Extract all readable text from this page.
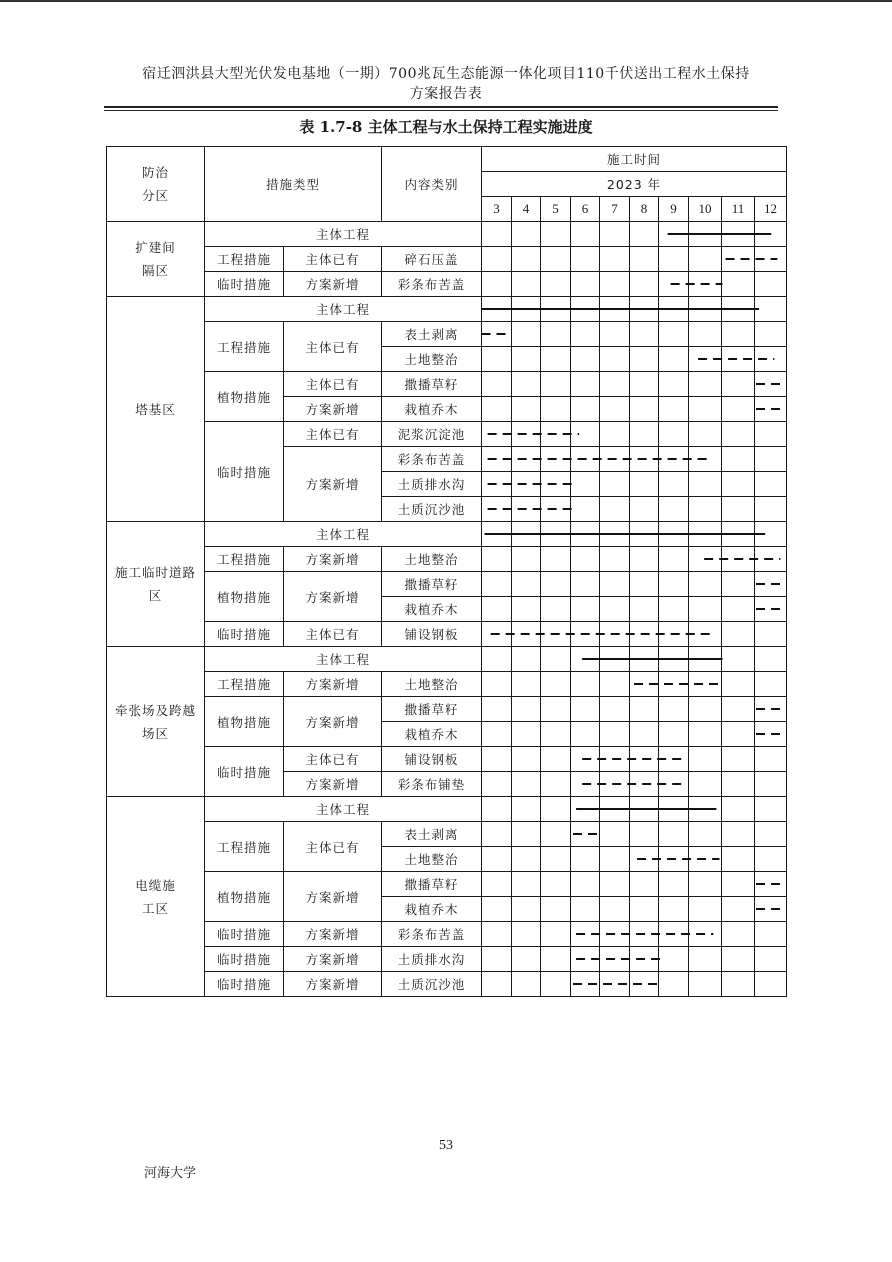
宿迁泗洪县大型光伏发电基地（一期）700兆瓦生态能源一体化项目110千伏送出工程水土保持
方案报告表
表 1.7-8 主体工程与水土保持工程实施进度
防治分区	措施类型		内容类别	施工时间									
				2023 年									
				3	4	5	6	7	8	9	10	11	12
扩建间隔区	主体工程												
	工程措施	主体已有	碎石压盖										
	临时措施	方案新增	彩条布苦盖										
塔基区	主体工程												
	工程措施	主体已有	表土剥离										
			土地整治										
	植物措施	主体已有	撒播草籽										
		方案新增	栽植乔木										
	临时措施	主体已有	泥浆沉淀池										
		方案新增	彩条布苦盖										
			土质排水沟										
			土质沉沙池										
施工临时道路区	主体工程												
	工程措施	方案新增	土地整治										
	植物措施	方案新增	撒播草籽										
			栽植乔木										
	临时措施	主体已有	铺设钢板										
牵张场及跨越场区	主体工程												
	工程措施	方案新增	土地整治										
	植物措施	方案新增	撒播草籽										
			栽植乔木										
	临时措施	主体已有	铺设钢板										
		方案新增	彩条布铺垫										
电缆施工区	主体工程												
	工程措施	主体已有	表土剥离										
			土地整治										
	植物措施	方案新增	撒播草籽										
			栽植乔木										
	临时措施	方案新增	彩条布苦盖										
	临时措施	方案新增	土质排水沟										
	临时措施	方案新增	土质沉沙池										
53
河海大学
